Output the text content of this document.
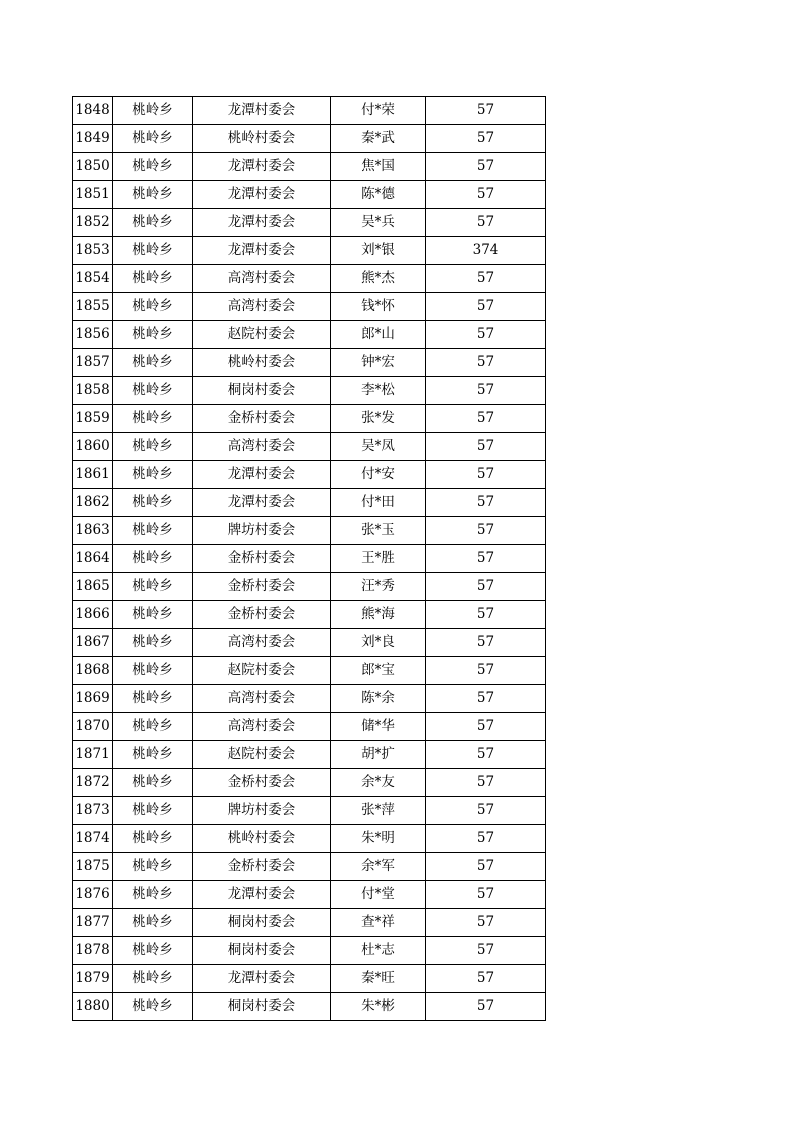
1848	桃岭乡	龙潭村委会	付*荣	57
1849	桃岭乡	桃岭村委会	秦*武	57
1850	桃岭乡	龙潭村委会	焦*国	57
1851	桃岭乡	龙潭村委会	陈*德	57
1852	桃岭乡	龙潭村委会	吴*兵	57
1853	桃岭乡	龙潭村委会	刘*银	374
1854	桃岭乡	高湾村委会	熊*杰	57
1855	桃岭乡	高湾村委会	钱*怀	57
1856	桃岭乡	赵院村委会	郎*山	57
1857	桃岭乡	桃岭村委会	钟*宏	57
1858	桃岭乡	桐岗村委会	李*松	57
1859	桃岭乡	金桥村委会	张*发	57
1860	桃岭乡	高湾村委会	吴*凤	57
1861	桃岭乡	龙潭村委会	付*安	57
1862	桃岭乡	龙潭村委会	付*田	57
1863	桃岭乡	牌坊村委会	张*玉	57
1864	桃岭乡	金桥村委会	王*胜	57
1865	桃岭乡	金桥村委会	汪*秀	57
1866	桃岭乡	金桥村委会	熊*海	57
1867	桃岭乡	高湾村委会	刘*良	57
1868	桃岭乡	赵院村委会	郎*宝	57
1869	桃岭乡	高湾村委会	陈*余	57
1870	桃岭乡	高湾村委会	储*华	57
1871	桃岭乡	赵院村委会	胡*扩	57
1872	桃岭乡	金桥村委会	余*友	57
1873	桃岭乡	牌坊村委会	张*萍	57
1874	桃岭乡	桃岭村委会	朱*明	57
1875	桃岭乡	金桥村委会	余*军	57
1876	桃岭乡	龙潭村委会	付*堂	57
1877	桃岭乡	桐岗村委会	查*祥	57
1878	桃岭乡	桐岗村委会	杜*志	57
1879	桃岭乡	龙潭村委会	秦*旺	57
1880	桃岭乡	桐岗村委会	朱*彬	57
